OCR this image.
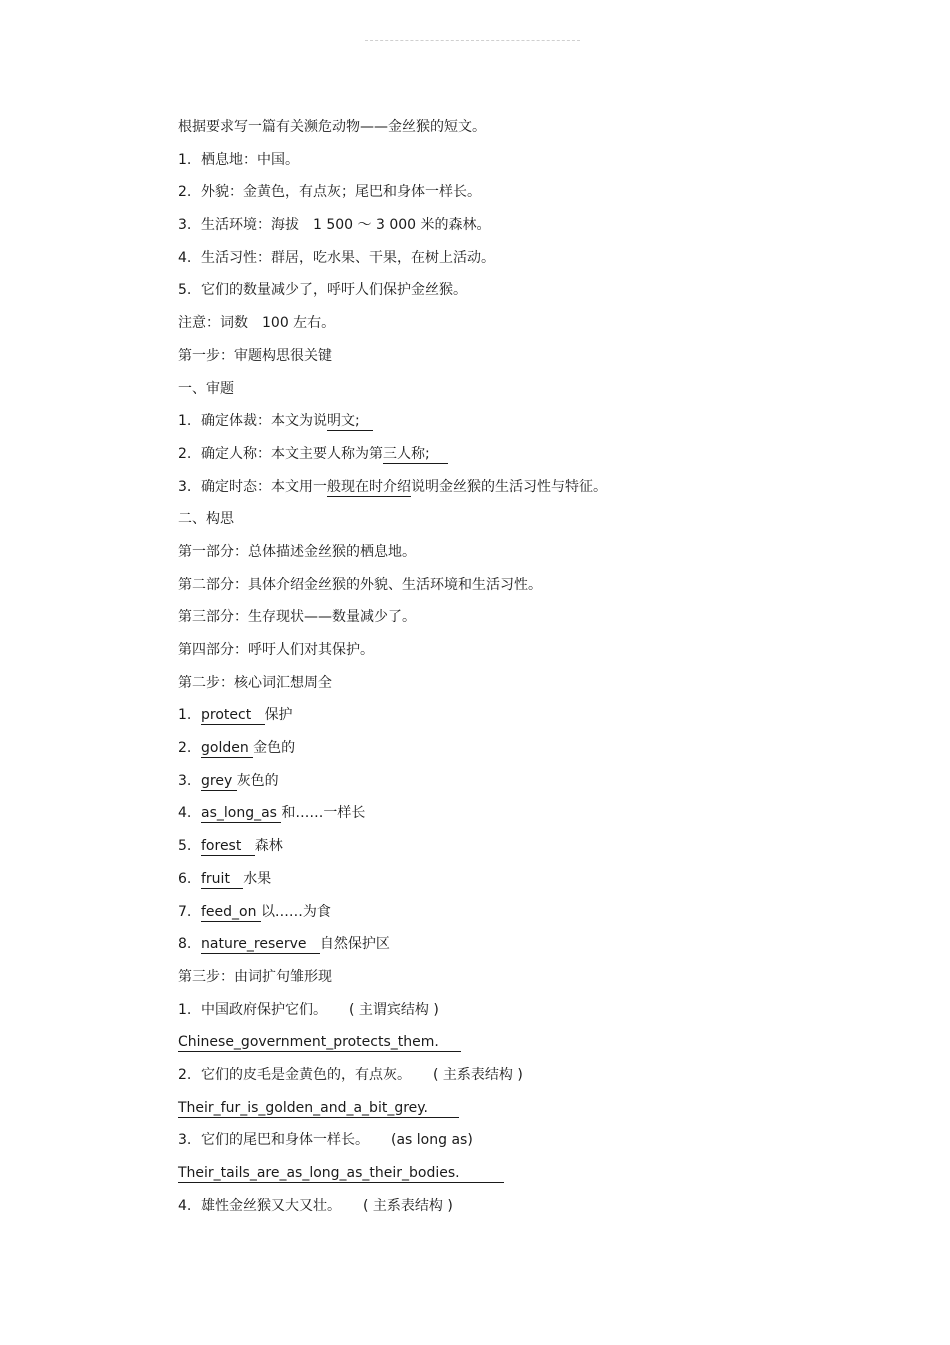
根据要求写一篇有关濒危动物——金丝猴的短文。
1. 栖息地：中国。
2. 外貌：金黄色，有点灰；尾巴和身体一样长。
3. 生活环境：海拔　1 500 ～ 3 000 米的森林。
4. 生活习性：群居，吃水果、干果，在树上活动。
5. 它们的数量减少了，呼吁人们保护金丝猴。
注意：词数　100 左右。
第一步：审题构思很关键
一、审题
1. 确定体裁：本文为说明文;
2. 确定人称：本文主要人称为第三人称;
3. 确定时态：本文用一般现在时介绍说明金丝猴的生活习性与特征。
二、构思
第一部分：总体描述金丝猴的栖息地。
第二部分：具体介绍金丝猴的外貌、生活环境和生活习性。
第三部分：生存现状——数量减少了。
第四部分：呼吁人们对其保护。
第二步：核心词汇想周全
1. protect 保护
2. golden 金色的
3. grey 灰色的
4. as_long_as 和……一样长
5. forest 森林
6. fruit 水果
7. feed_on 以……为食
8. nature_reserve 自然保护区
第三步：由词扩句雏形现
1. 中国政府保护它们。 ( 主谓宾结构 )
Chinese_government_protects_them.
2. 它们的皮毛是金黄色的，有点灰。 ( 主系表结构 )
Their_fur_is_golden_and_a_bit_grey.
3. 它们的尾巴和身体一样长。 (as long as)
Their_tails_are_as_long_as_their_bodies.
4. 雄性金丝猴又大又壮。 ( 主系表结构 )
